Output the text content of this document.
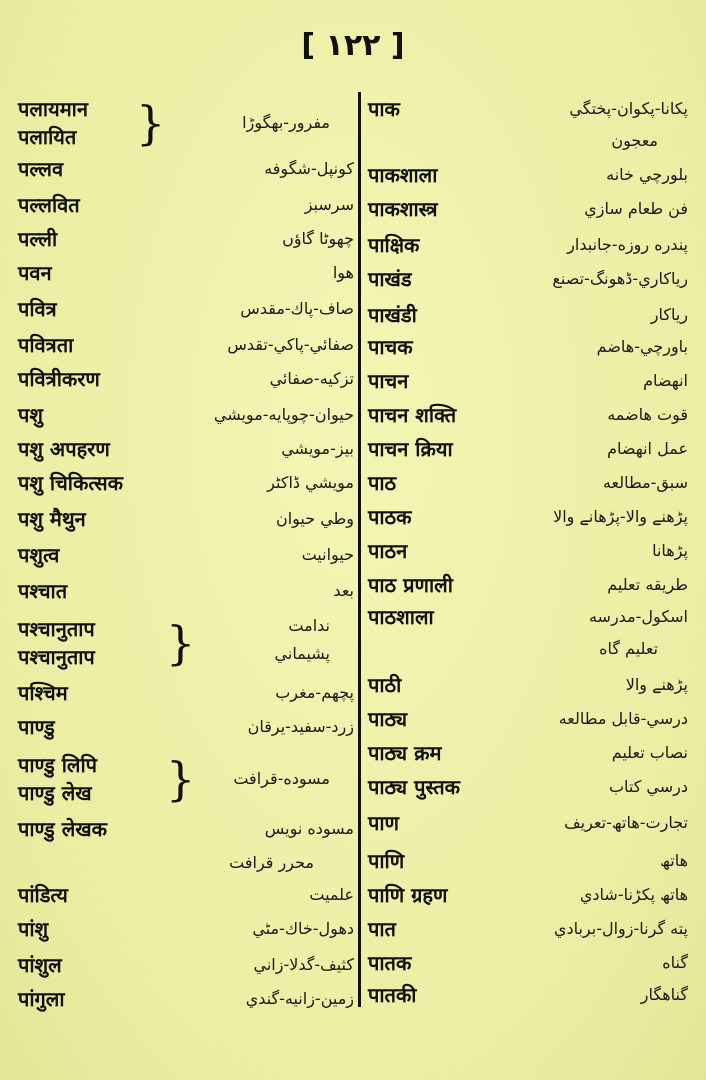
[ ١٢٢ ]
पलायमान
पलायित }	مفرور-بهگوڑا
पल्लव	كونپل-شگوفه
पल्लवित	سرسبز
पल्ली	چهوٹا گاؤں
पवन	هوا
पवित्र	صاف-پاك-مقدس
पवित्रता	صفائي-پاكي-تقدس
पवित्रीकरण	تزكيه-صفائي
पशु	حيوان-چوپايه-مويشي
पशु अपहरण	بيز-مويشي
पशु चिकित्सक	مويشي ڈاكٹر
पशु मैथुन	وطي حيوان
पशुत्व	حيوانيت
पश्चात	بعد
पश्चानुताप
पश्चानुताप }	ندامت
پشيماني
पश्चिम	پچهم-مغرب
पाण्डु	زرد-سفيد-يرقان
पाण्डु लिपि
पाण्डु लेख } مسوده-قرافت
पाण्डु लेखक	مسوده نويس
محرر قرافت
पांडित्य	علميت
पांशु	دهول-خاك-مٹي
पांशुल	كثيف-گدلا-زاني
पांगुला	زمين-زانيه-گندي
पाक	پكانا-پكوان-پختگي
معجون
पाकशाला	بلورچي خانه
पाकशास्त्र	فن طعام سازي
पाक्षिक	پندره روزه-جانبدار
पाखंड	رياكاري-ڈهونگ-تصنع
पाखंडी	رياكار
पाचक	باورچي-هاضم
पाचन	انهضام
पाचन शक्ति	قوت هاضمه
पाचन क्रिया	عمل انهضام
पाठ	سبق-مطالعه
पाठक	پڑهنے والا-پڑهانے والا
पाठन	پڑهانا
पाठ प्रणाली	طريقه تعليم
पाठशाला	اسكول-مدرسه
تعليم گاه
पाठी	پڑهنے والا
पाठ्य	درسي-قابل مطالعه
पाठ्य क्रम	نصاب تعليم
पाठ्य पुस्तक	درسي كتاب
पाण	تجارت-هاتھ-تعريف
पाणि	هاتھ
पाणि ग्रहण	هاتھ پكڑنا-شادي
पात	پته گرنا-زوال-بربادي
पातक	گناه
पातकी	گناهگار
